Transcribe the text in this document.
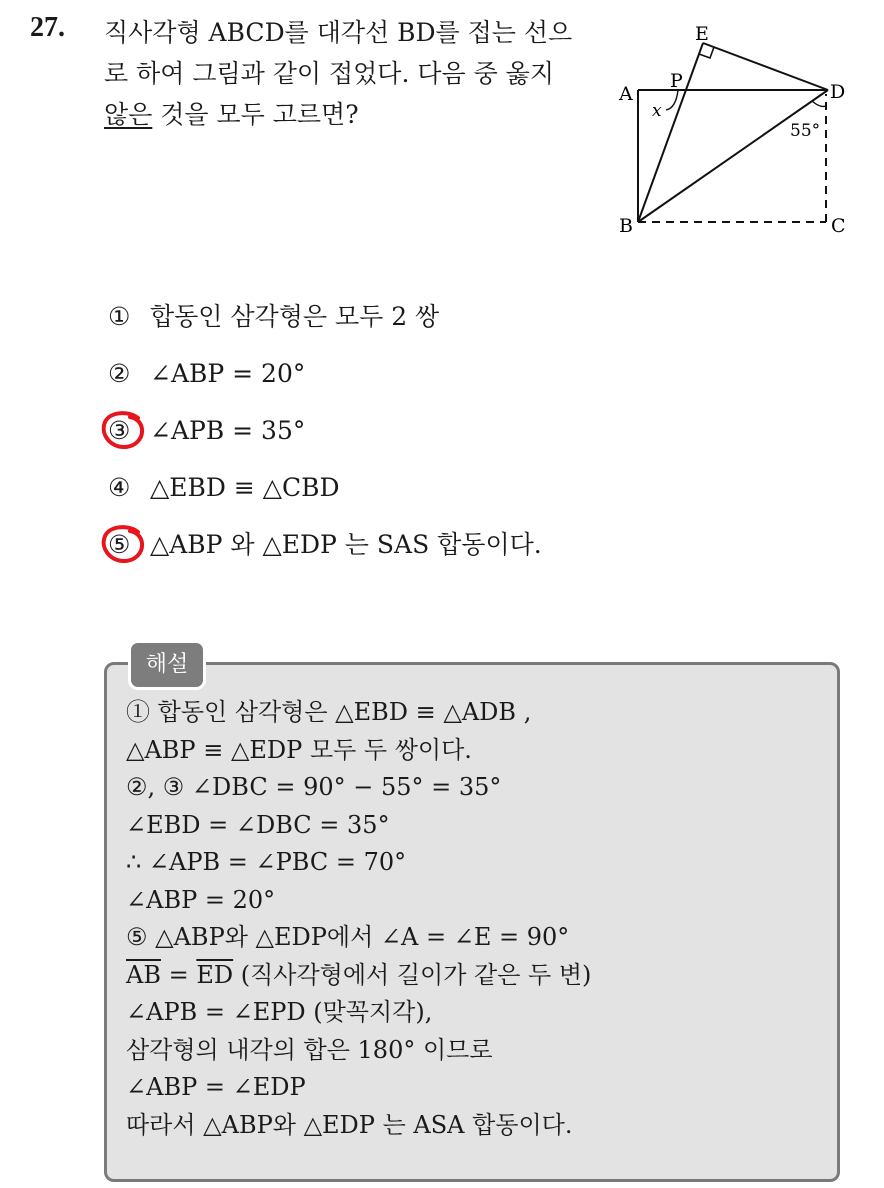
27. 직사각형 ABCD를 대각선 BD를 접는 선으
로 하여 그림과 같이 접었다. 다음 중 옳지
않은 것을 모두 고르면?
E
P
A	D
x
55°
B	C
① 합동인 삼각형은 모두 2 쌍
② ∠ABP = 20°
③ ∠APB = 35°
④ △EBD ≡ △CBD
⑤ △ABP 와 △EDP 는 SAS 합동이다.
해설
① 합동인 삼각형은 △EBD ≡ △ADB ,
△ABP ≡ △EDP 모두 두 쌍이다.
②, ③ ∠DBC = 90° − 55° = 35°
∠EBD = ∠DBC = 35°
∴ ∠APB = ∠PBC = 70°
∠ABP = 20°
⑤ △ABP와 △EDP에서 ∠A = ∠E = 90°
$\overline{AB} = \overline{ED}$ (직사각형에서 길이가 같은 두 변)
∠APB = ∠EPD (맞꼭지각),
삼각형의 내각의 합은 180° 이므로
∠ABP = ∠EDP
따라서 △ABP와 △EDP 는 ASA 합동이다.
